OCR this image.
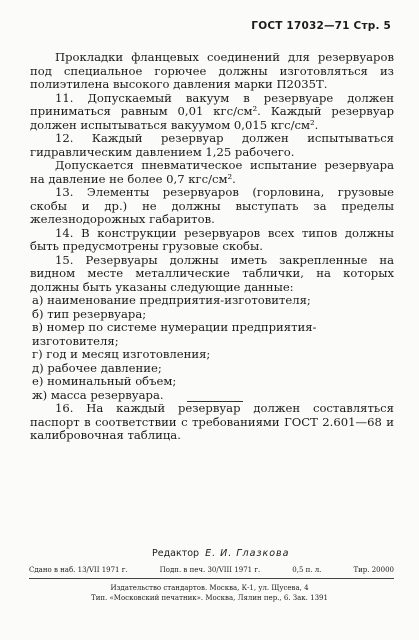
ГОСТ 17032—71 Стр. 5

Прокладки фланцевых соединений для резервуаров под специальное горючее должны изготовляться из полиэтилена высокого давления марки П2035Т.

11. Допускаемый вакуум в резервуаре должен приниматься равным 0,01 кгс/см². Каждый резервуар должен испытываться вакуумом 0,015 кгс/см².

12. Каждый резервуар должен испытываться гидравлическим давлением 1,25 рабочего.

Допускается пневматическое испытание резервуара на давление не более 0,7 кгс/см².

13. Элементы резервуаров (горловина, грузовые скобы и др.) не должны выступать за пределы железнодорожных габаритов.

14. В конструкции резервуаров всех типов должны быть предусмотрены грузовые скобы.

15. Резервуары должны иметь закрепленные на видном месте металлические таблички, на которых должны быть указаны следующие данные:

а) наименование предприятия-изготовителя;

б) тип резервуара;

в) номер по системе нумерации предприятия-изготовителя;

г) год и месяц изготовления;

д) рабочее давление;

е) номинальный объем;

ж) масса резервуара.

16. На каждый резервуар должен составляться паспорт в соответствии с требованиями ГОСТ 2.601—68 и калибровочная таблица.

Редактор Е. И. Глазкова
Сдано в наб. 13/VII 1971 г.	Подп. в печ. 30/VIII 1971 г.	0,5 п. л.	Тир. 20000
Издательство стандартов. Москва, К-1, ул. Щусева, 4
Тип. «Московский печатник». Москва, Лялин пер., 6. Зак. 1391
